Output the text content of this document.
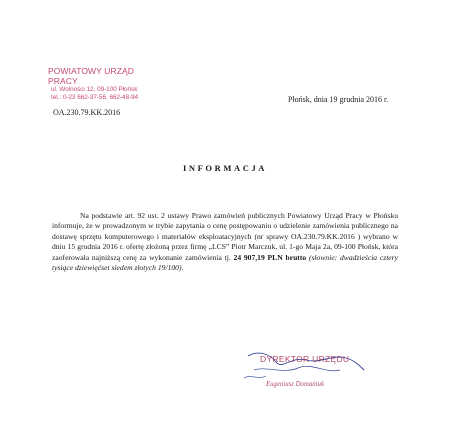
POWIATOWY URZĄD PRACY
ul. Wolności 12, 09-100 Płońsk
tel.: 0-23 662-37-56, 662-48-94	Płońsk, dnia 19 grudnia 2016 r.
OA.230.79.KK.2016
INFORMACJA
Na podstawie art. 92 ust. 2 ustawy Prawo zamówień publicznych Powiatowy Urząd Pracy w Płońsku informuje, że w prowadzonym w trybie zapytania o cenę postępowaniu o udzielenie zamówienia publicznego na dostawę sprzętu komputerowego i materiałów eksploatacyjnych (nr sprawy OA.230.79.KK.2016 ) wybrano w dniu 15 grudnia 2016 r. ofertę złożoną przez firmę „LCS” Piotr Marczuk, ul. 1-go Maja 2a, 09-100 Płońsk, która zaoferowała najniższą cenę za wykonanie zamówienia tj. 24 907,19 PLN brutto (słownie: dwadzieścia cztery tysiące dziewięćset siedem złotych 19/100).
DYREKTOR URZĘDU
Eugeniusz Domaniuk
